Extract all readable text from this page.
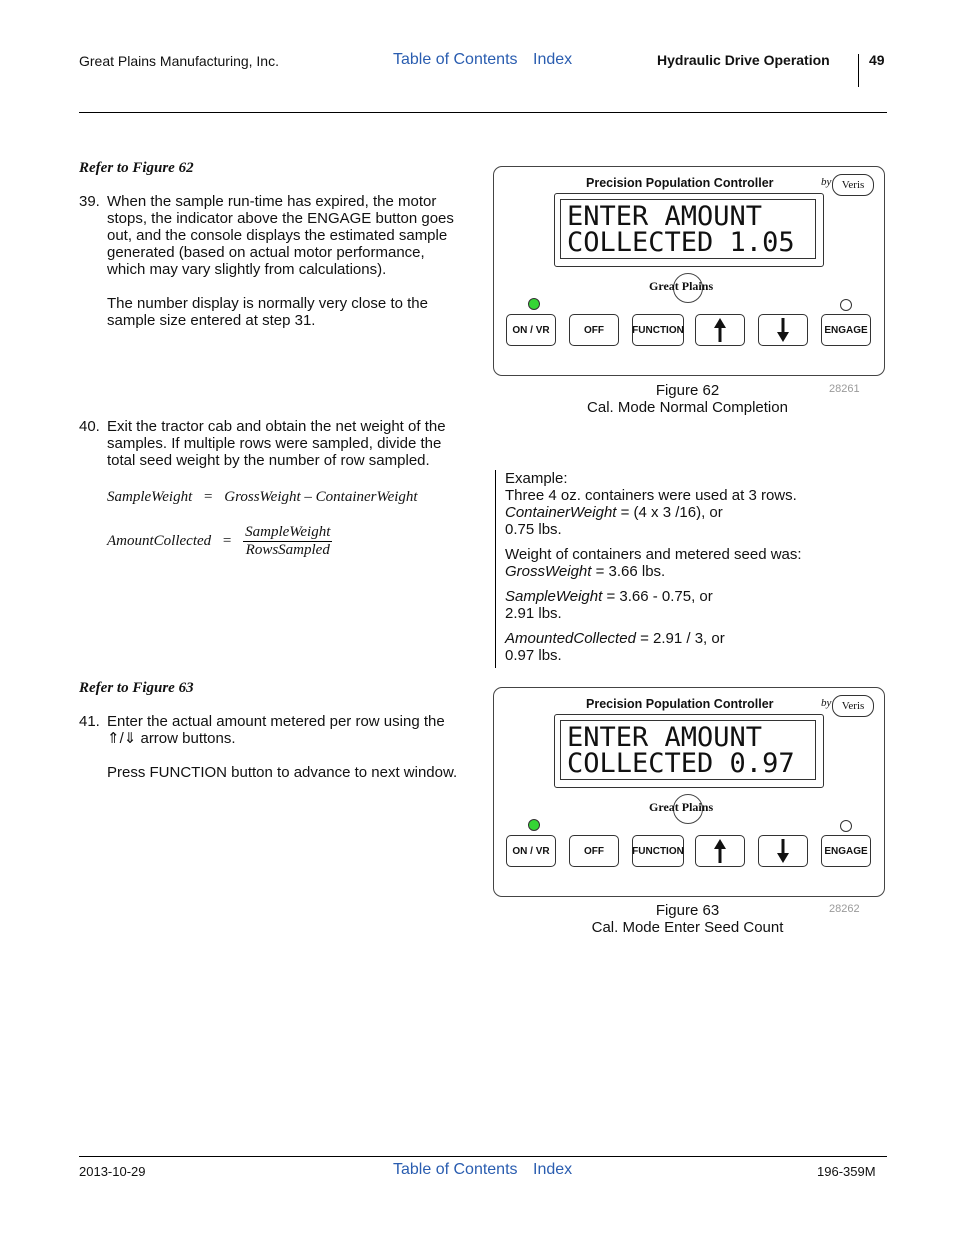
Great Plains Manufacturing, Inc.	Table of Contents Index	Hydraulic Drive Operation	49
Refer to Figure 62
39. When the sample run-time has expired, the motor

stops, the indicator above the ENGAGE button goes

out, and the console displays the estimated sample

generated (based on actual motor performance,

which may vary slightly from calculations).

The number display is normally very close to the

sample size entered at step 31.

40. Exit the tractor cab and obtain the net weight of the

samples. If multiple rows were sampled, divide the

total seed weight by the number of row sampled.

SampleWeight = GrossWeight – ContainerWeight
AmountCollected = $\frac{\text{SampleWeight}}{\text{RowsSampled}}$
Refer to Figure 63
41. Enter the actual amount metered per row using the

⇑/⇓ arrow buttons.

Press FUNCTION button to advance to next window.

Precision Population Controller	by Veris
ENTER AMOUNT
COLLECTED 1.05
Great Plains
ON / VR	OFF	FUNCTION	ENGAGE
Figure 62
Cal. Mode Normal Completion
28261
Example:
Three 4 oz. containers were used at 3 rows.
ContainerWeight = (4 x 3 /16), or
0.75 lbs.
Weight of containers and metered seed was:
GrossWeight = 3.66 lbs.
SampleWeight = 3.66 - 0.75, or
2.91 lbs.
AmountedCollected = 2.91 / 3, or
0.97 lbs.
Precision Population Controller	by Veris
ENTER AMOUNT
COLLECTED 0.97
Great Plains
ON / VR	OFF	FUNCTION	ENGAGE
Figure 63
Cal. Mode Enter Seed Count
28262
2013-10-29	Table of Contents Index	196-359M
